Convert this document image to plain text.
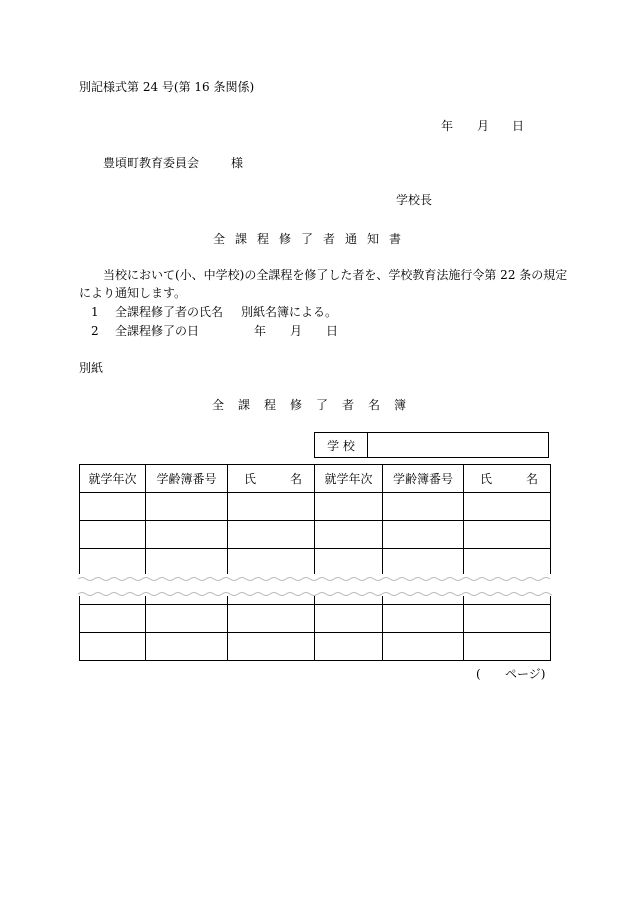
別記様式第 24 号(第 16 条関係)
年 月 日
豊頃町教育委員会	様
学校長
全課程修了者通知書
当校において(小、中学校)の全課程を修了した者を、学校教育法施行令第 22 条の規定
により通知します。
1 全課程修了者の氏名 別紙名簿による。
2 全課程修了の日	年 月 日
別紙
全課程修了者名簿
学 校	
就学年次	学齢簿番号	氏 名	就学年次	学齢簿番号	氏 名

( ページ)
